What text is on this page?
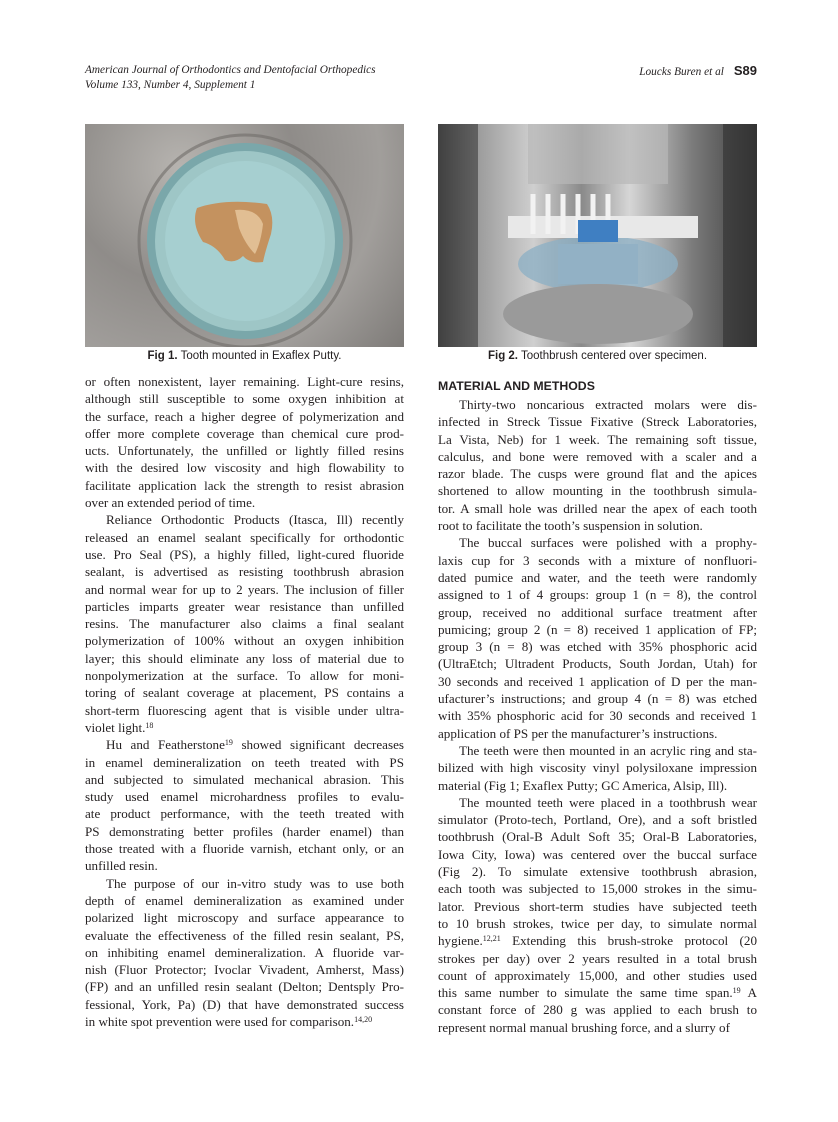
American Journal of Orthodontics and Dentofacial Orthopedics
Volume 133, Number 4, Supplement 1
Loucks Buren et al S89
Fig 1. Tooth mounted in Exaflex Putty.	Fig 2. Toothbrush centered over specimen.
MATERIAL AND METHODS
or often nonexistent, layer remaining. Light-cure resins,
although still susceptible to some oxygen inhibition at
the surface, reach a higher degree of polymerization and
offer more complete coverage than chemical cure prod-
ucts. Unfortunately, the unfilled or lightly filled resins
with the desired low viscosity and high flowability to
facilitate application lack the strength to resist abrasion
over an extended period of time.
Reliance Orthodontic Products (Itasca, Ill) recently
released an enamel sealant specifically for orthodontic
use. Pro Seal (PS), a highly filled, light-cured fluoride
sealant, is advertised as resisting toothbrush abrasion
and normal wear for up to 2 years. The inclusion of filler
particles imparts greater wear resistance than unfilled
resins. The manufacturer also claims a final sealant
polymerization of 100% without an oxygen inhibition
layer; this should eliminate any loss of material due to
nonpolymerization at the surface. To allow for moni-
toring of sealant coverage at placement, PS contains a
short-term fluorescing agent that is visible under ultra-
violet light.$^{18}$
Hu and Featherstone$^{19}$ showed significant decreases
in enamel demineralization on teeth treated with PS
and subjected to simulated mechanical abrasion. This
study used enamel microhardness profiles to evalu-
ate product performance, with the teeth treated with
PS demonstrating better profiles (harder enamel) than
those treated with a fluoride varnish, etchant only, or an
unfilled resin.
The purpose of our in-vitro study was to use both
depth of enamel demineralization as examined under
polarized light microscopy and surface appearance to
evaluate the effectiveness of the filled resin sealant, PS,
on inhibiting enamel demineralization. A fluoride var-
nish (Fluor Protector; Ivoclar Vivadent, Amherst, Mass)
(FP) and an unfilled resin sealant (Delton; Dentsply Pro-
fessional, York, Pa) (D) that have demonstrated success
in white spot prevention were used for comparison.$^{14,20}$
Thirty-two noncarious extracted molars were dis-
infected in Streck Tissue Fixative (Streck Laboratories,
La Vista, Neb) for 1 week. The remaining soft tissue,
calculus, and bone were removed with a scaler and a
razor blade. The cusps were ground flat and the apices
shortened to allow mounting in the toothbrush simula-
tor. A small hole was drilled near the apex of each tooth
root to facilitate the tooth’s suspension in solution.
The buccal surfaces were polished with a prophy-
laxis cup for 3 seconds with a mixture of nonfluori-
dated pumice and water, and the teeth were randomly
assigned to 1 of 4 groups: group 1 (n = 8), the control
group, received no additional surface treatment after
pumicing; group 2 (n = 8) received 1 application of FP;
group 3 (n = 8) was etched with 35% phosphoric acid
(UltraEtch; Ultradent Products, South Jordan, Utah) for
30 seconds and received 1 application of D per the man-
ufacturer’s instructions; and group 4 (n = 8) was etched
with 35% phosphoric acid for 30 seconds and received 1
application of PS per the manufacturer’s instructions.
The teeth were then mounted in an acrylic ring and sta-
bilized with high viscosity vinyl polysiloxane impression
material (Fig 1; Exaflex Putty; GC America, Alsip, Ill).
The mounted teeth were placed in a toothbrush wear
simulator (Proto-tech, Portland, Ore), and a soft bristled
toothbrush (Oral-B Adult Soft 35; Oral-B Laboratories,
Iowa City, Iowa) was centered over the buccal surface
(Fig 2). To simulate extensive toothbrush abrasion,
each tooth was subjected to 15,000 strokes in the simu-
lator. Previous short-term studies have subjected teeth
to 10 brush strokes, twice per day, to simulate normal
hygiene.$^{12,21}$ Extending this brush-stroke protocol (20
strokes per day) over 2 years resulted in a total brush
count of approximately 15,000, and other studies used
this same number to simulate the same time span.$^{19}$ A
constant force of 280 g was applied to each brush to
represent normal manual brushing force, and a slurry of
